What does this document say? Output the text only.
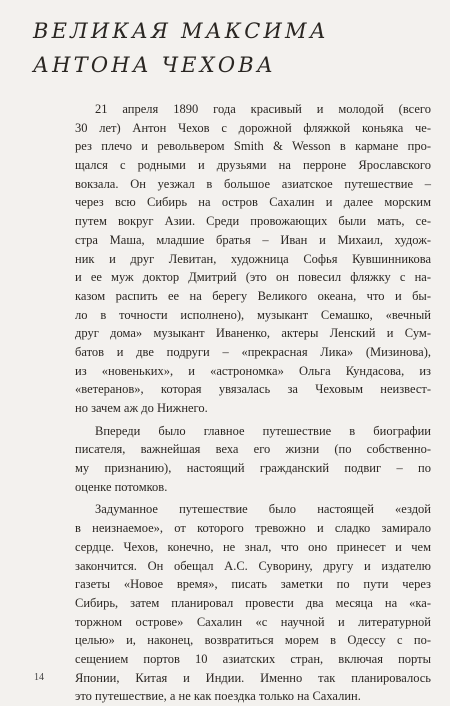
ВЕЛИКАЯ МАКСИМА
АНТОНА ЧЕХОВА
21 апреля 1890 года красивый и молодой (всего
30 лет) Антон Чехов с дорожной фляжкой коньяка че-
рез плечо и револьвером Smith & Wesson в кармане про-
щался с родными и друзьями на перроне Ярославского
вокзала. Он уезжал в большое азиатское путешествие –
через всю Сибирь на остров Сахалин и далее морским
путем вокруг Азии. Среди провожающих были мать, се-
стра Маша, младшие братья – Иван и Михаил, худож-
ник и друг Левитан, художница Софья Кувшинникова
и ее муж доктор Дмитрий (это он повесил фляжку с на-
казом распить ее на берегу Великого океана, что и бы-
ло в точности исполнено), музыкант Семашко, «вечный
друг дома» музыкант Иваненко, актеры Ленский и Сум-
батов и две подруги – «прекрасная Лика» (Мизинова),
из «новеньких», и «астрономка» Ольга Кундасова, из
«ветеранов», которая увязалась за Чеховым неизвест-
но зачем аж до Нижнего.
Впереди было главное путешествие в биографии
писателя, важнейшая веха его жизни (по собственно-
му признанию), настоящий гражданский подвиг – по
оценке потомков.
Задуманное путешествие было настоящей «ездой
в неизнаемое», от которого тревожно и сладко замирало
сердце. Чехов, конечно, не знал, что оно принесет и чем
закончится. Он обещал А.С. Суворину, другу и издателю
газеты «Новое время», писать заметки по пути через
Сибирь, затем планировал провести два месяца на «ка-
торжном острове» Сахалин «с научной и литературной
целью» и, наконец, возвратиться морем в Одессу с по-
сещением портов 10 азиатских стран, включая порты
Японии, Китая и Индии. Именно так планировалось
это путешествие, а не как поездка только на Сахалин.
14
